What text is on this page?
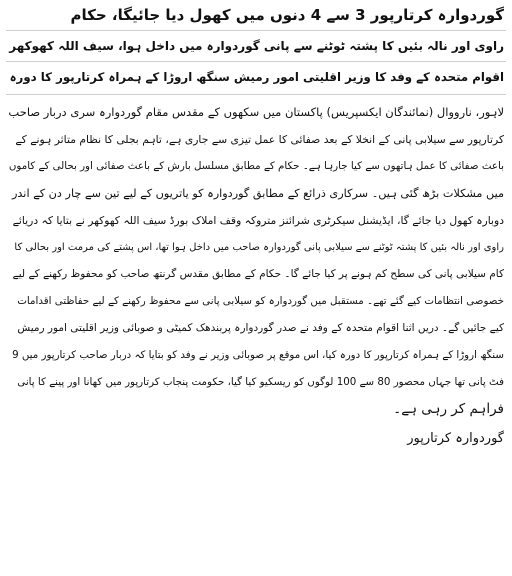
گوردوارہ کرتارپور 3 سے 4 دنوں میں کھول دیا جائیگا، حکام
راوی اور نالہ بئیں کا پشتہ ٹوٹنے سے پانی گوردوارہ میں داخل ہوا، سیف اللہ کھوکھر
اقوام متحدہ کے وفد کا وزیر اقلیتی امور رمیش سنگھ اروڑا کے ہمراہ کرتارپور کا دورہ
لاہور، نارووال (نمائندگان ایکسپریس) پاکستان میں سکھوں کے مقدس مقام گوردوارہ سری دربار صاحب
کرتارپور سے سیلابی پانی کے انخلا کے بعد صفائی کا عمل تیزی سے جاری ہے، تاہم بجلی کا نظام متاثر ہونے کے
باعث صفائی کا عمل ہاتھوں سے کیا جارہا ہے۔ حکام کے مطابق مسلسل بارش کے باعث صفائی اور بحالی کے کاموں
میں مشکلات بڑھ گئی ہیں۔ سرکاری ذرائع کے مطابق گوردوارہ کو یاتریوں کے لیے تین سے چار دن کے اندر
دوبارہ کھول دیا جائے گا، ایڈیشنل سیکرٹری شرائنز متروکہ وقف املاک بورڈ سیف اللہ کھوکھر نے بتایا کہ دریائے
راوی اور نالہ بئیں کا پشتہ ٹوٹنے سے سیلابی پانی گوردوارہ صاحب میں داخل ہوا تھا، اس پشتے کی مرمت اور بحالی کا
کام سیلابی پانی کی سطح کم ہونے پر کیا جائے گا۔ حکام کے مطابق مقدس گرنتھ صاحب کو محفوظ رکھنے کے لیے
خصوصی انتظامات کیے گئے تھے۔ مستقبل میں گوردوارہ کو سیلابی پانی سے محفوظ رکھنے کے لیے حفاظتی اقدامات
کیے جائیں گے۔ دریں اثنا اقوام متحدہ کے وفد نے صدر گوردوارہ پربندھک کمیٹی و صوبائی وزیر اقلیتی امور رمیش
سنگھ اروڑا کے ہمراہ کرتارپور کا دورہ کیا، اس موقع پر صوبائی وزیر نے وفد کو بتایا کہ دربار صاحب کرتارپور میں 9
فٹ پانی تھا جہاں محصور 80 سے 100 لوگوں کو ریسکیو کیا گیا، حکومت پنجاب کرتارپور میں کھانا اور پینے کا پانی
فراہم کر رہی ہے۔
گوردوارہ کرتارپور
